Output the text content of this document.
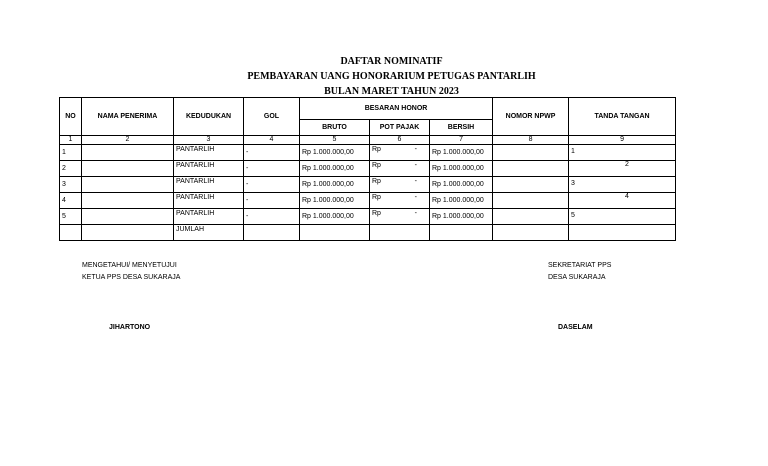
DAFTAR NOMINATIF
PEMBAYARAN UANG HONORARIUM PETUGAS PANTARLIH
BULAN MARET TAHUN 2023
NO	NAMA PENERIMA	KEDUDUKAN	GOL	BESARAN HONOR			NOMOR NPWP	TANDA TANGAN
				BRUTO	POT PAJAK	BERSIH		
1	2	3	4	5	6	7	8	9
1		PANTARLIH	-	Rp 1.000.000,00	Rp -	Rp 1.000.000,00		1

2		PANTARLIH	-	Rp 1.000.000,00	Rp -	Rp 1.000.000,00		2

3		PANTARLIH	-	Rp 1.000.000,00	Rp -	Rp 1.000.000,00		3

4		PANTARLIH	-	Rp 1.000.000,00	Rp -	Rp 1.000.000,00		4

5		PANTARLIH	-	Rp 1.000.000,00	Rp -	Rp 1.000.000,00		5

		JUMLAH						
MENGETAHUI/ MENYETUJUI
KETUA PPS DESA SUKARAJA
JIHARTONO
SEKRETARIAT PPS
DESA SUKARAJA
DASELAM
